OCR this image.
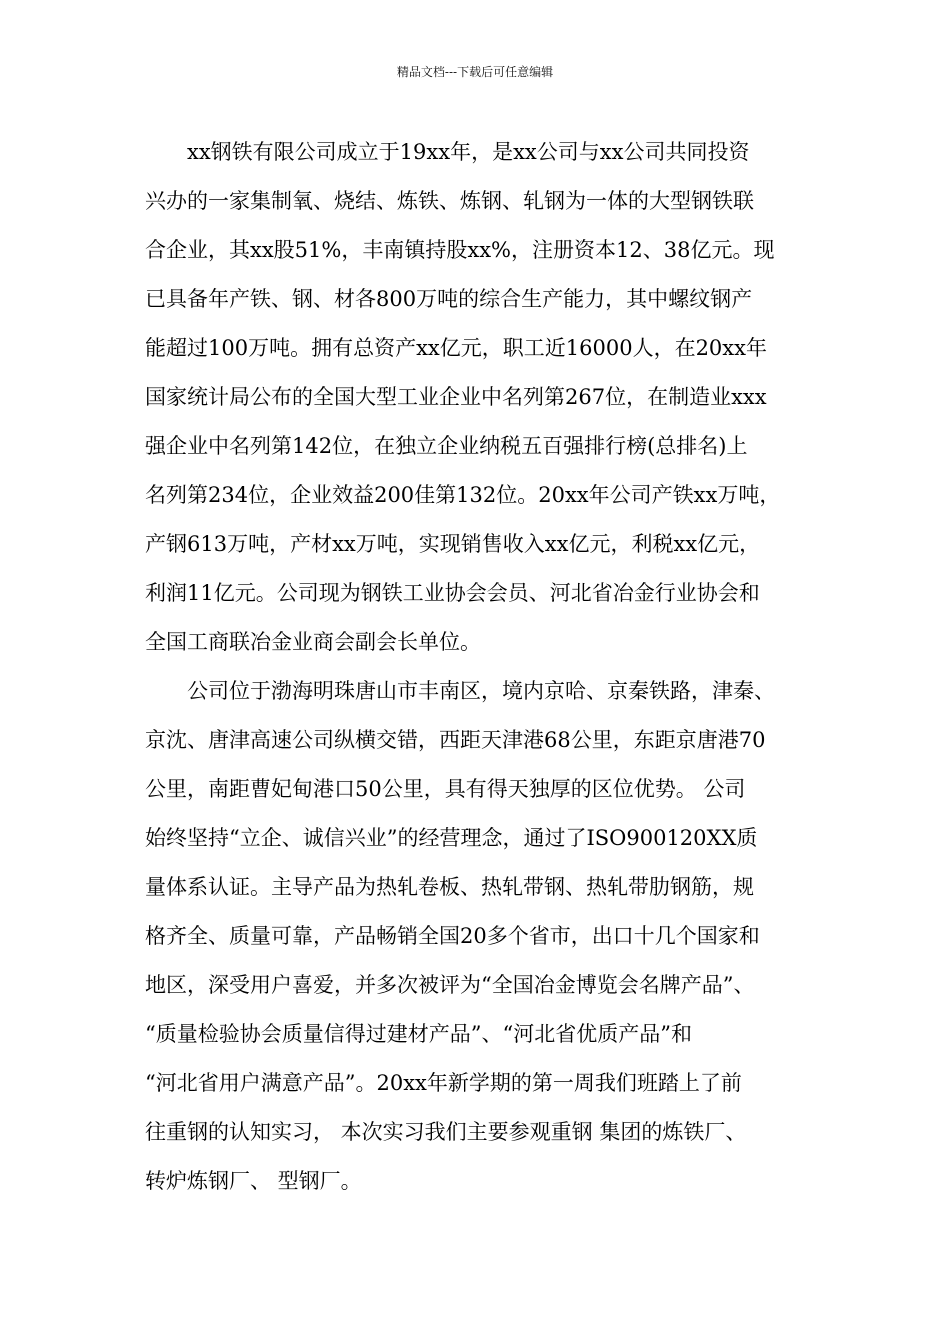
精品文档---下载后可任意编辑
xx钢铁有限公司成立于19xx年，是xx公司与xx公司共同投资
兴办的一家集制氧、烧结、炼铁、炼钢、轧钢为一体的大型钢铁联
合企业，其xx股51%，丰南镇持股xx%，注册资本12、38亿元。现
已具备年产铁、钢、材各800万吨的综合生产能力，其中螺纹钢产
能超过100万吨。拥有总资产xx亿元，职工近16000人，在20xx年
国家统计局公布的全国大型工业企业中名列第267位，在制造业xxx
强企业中名列第142位，在独立企业纳税五百强排行榜(总排名)上
名列第234位，企业效益200佳第132位。20xx年公司产铁xx万吨，
产钢613万吨，产材xx万吨，实现销售收入xx亿元，利税xx亿元，
利润11亿元。公司现为钢铁工业协会会员、河北省冶金行业协会和
全国工商联冶金业商会副会长单位。
公司位于渤海明珠唐山市丰南区，境内京哈、京秦铁路，津秦、
京沈、唐津高速公司纵横交错，西距天津港68公里，东距京唐港70
公里，南距曹妃甸港口50公里，具有得天独厚的区位优势。 公司
始终坚持“立企、诚信兴业”的经营理念，通过了ISO900120XX质
量体系认证。主导产品为热轧卷板、热轧带钢、热轧带肋钢筋，规
格齐全、质量可靠，产品畅销全国20多个省市，出口十几个国家和
地区，深受用户喜爱，并多次被评为“全国冶金博览会名牌产品”、
“质量检验协会质量信得过建材产品”、“河北省优质产品”和
“河北省用户满意产品”。20xx年新学期的第一周我们班踏上了前
往重钢的认知实习， 本次实习我们主要参观重钢 集团的炼铁厂、
转炉炼钢厂、 型钢厂。
